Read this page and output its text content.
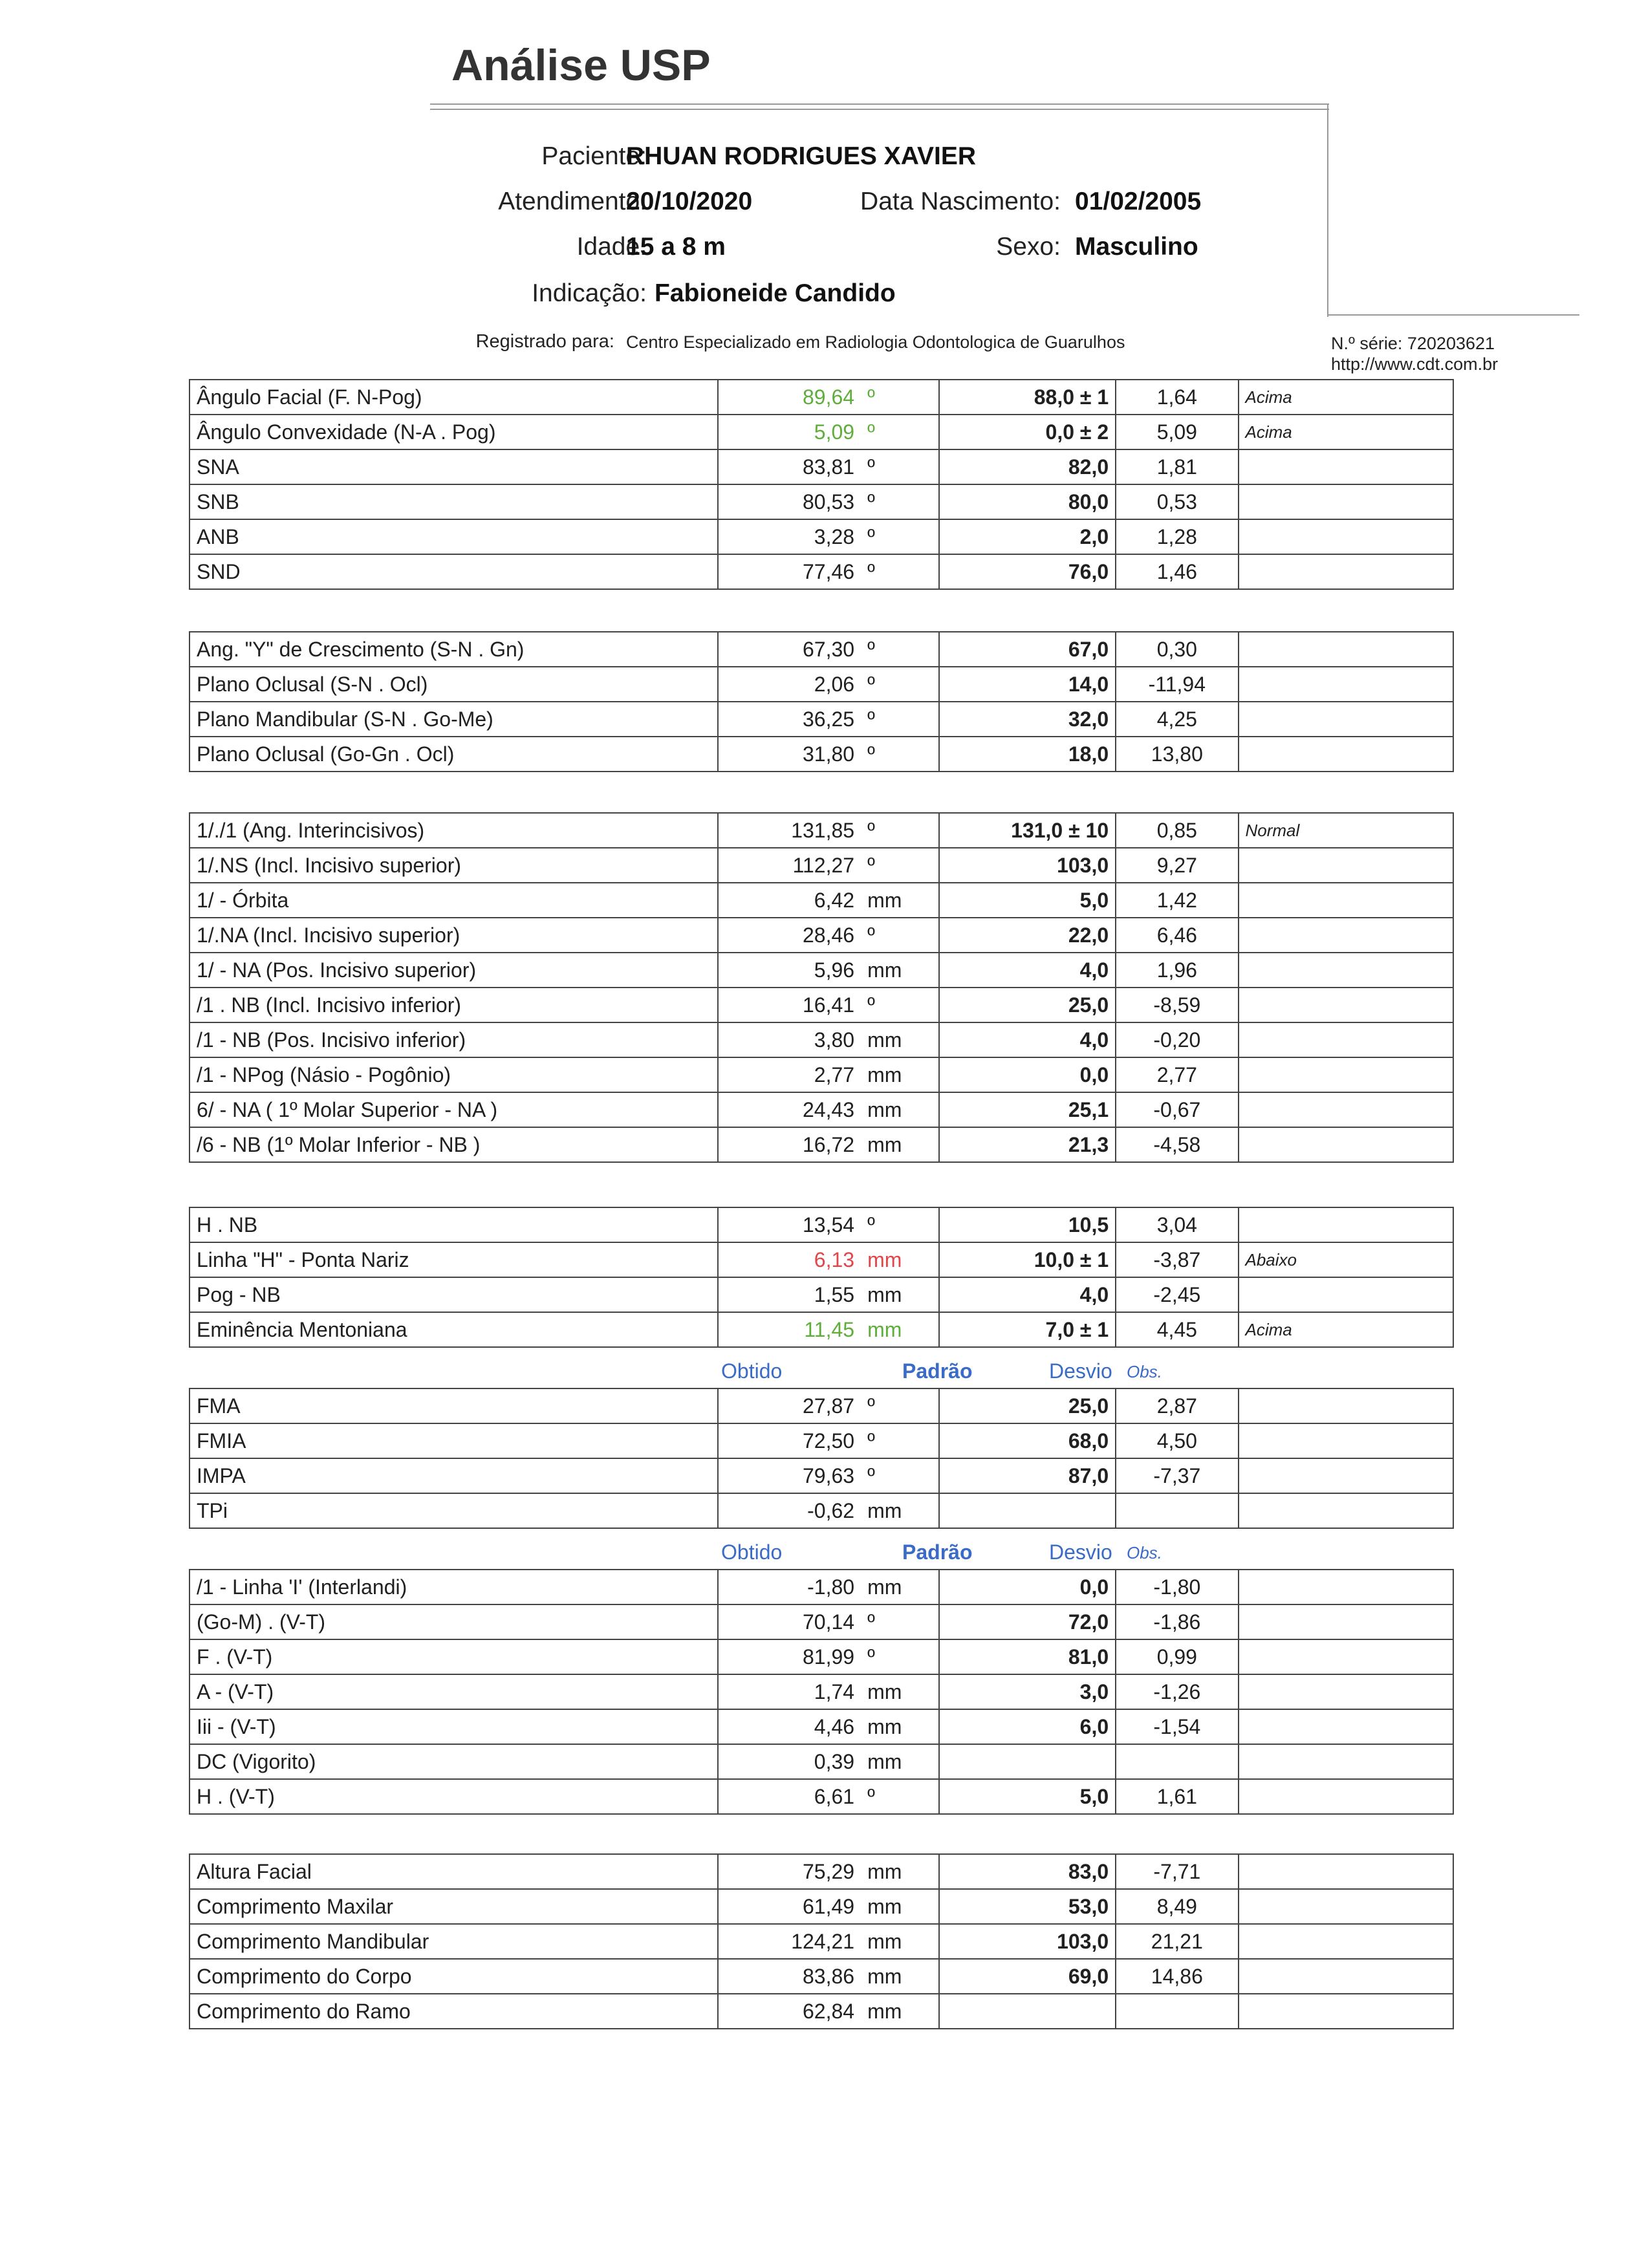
Análise USP
Paciente:
RHUAN RODRIGUES XAVIER
Atendimento:
20/10/2020	Data Nascimento: 01/02/2005
Idade:
15 a 8 m	Sexo: Masculino
Indicação: Fabioneide Candido
Registrado para: Centro Especializado em Radiologia Odontologica de Guarulhos	N.º série: 720203621
http://www.cdt.com.br
Ângulo Facial (F. N-Pog)	89,64	º	88,0 ± 1	1,64	Acima
Ângulo Convexidade (N-A . Pog)	5,09	º	0,0 ± 2	5,09	Acima
SNA	83,81	º	82,0	1,81	
SNB	80,53	º	80,0	0,53	
ANB	3,28	º	2,0	1,28	
SND	77,46	º	76,0	1,46	
Ang. "Y" de Crescimento (S-N . Gn)	67,30	º	67,0	0,30	
Plano Oclusal (S-N . Ocl)	2,06	º	14,0	-11,94	
Plano Mandibular (S-N . Go-Me)	36,25	º	32,0	4,25	
Plano Oclusal (Go-Gn . Ocl)	31,80	º	18,0	13,80	
1/./1 (Ang. Interincisivos)	131,85	º	131,0 ± 10	0,85	Normal
1/.NS (Incl. Incisivo superior)	112,27	º	103,0	9,27	
1/ - Órbita	6,42	mm	5,0	1,42	
1/.NA (Incl. Incisivo superior)	28,46	º	22,0	6,46	
1/ - NA (Pos. Incisivo superior)	5,96	mm	4,0	1,96	
/1 . NB (Incl. Incisivo inferior)	16,41	º	25,0	-8,59	
/1 - NB (Pos. Incisivo inferior)	3,80	mm	4,0	-0,20	
/1 - NPog (Násio - Pogônio)	2,77	mm	0,0	2,77	
6/ - NA ( 1º Molar Superior - NA )	24,43	mm	25,1	-0,67	
/6 - NB (1º Molar Inferior - NB )	16,72	mm	21,3	-4,58	
H . NB	13,54	º	10,5	3,04	
Linha "H" - Ponta Nariz	6,13	mm	10,0 ± 1	-3,87	Abaixo
Pog - NB	1,55	mm	4,0	-2,45	
Eminência Mentoniana	11,45	mm	7,0 ± 1	4,45	Acima
FMA	27,87	º	25,0	2,87	
FMIA	72,50	º	68,0	4,50	
IMPA	79,63	º	87,0	-7,37	
TPi	-0,62	mm			
/1 - Linha 'I' (Interlandi)	-1,80	mm	0,0	-1,80	
(Go-M) . (V-T)	70,14	º	72,0	-1,86	
F . (V-T)	81,99	º	81,0	0,99	
A - (V-T)	1,74	mm	3,0	-1,26	
Iii - (V-T)	4,46	mm	6,0	-1,54	
DC (Vigorito)	0,39	mm			
H . (V-T)	6,61	º	5,0	1,61	
Altura Facial	75,29	mm	83,0	-7,71	
Comprimento Maxilar	61,49	mm	53,0	8,49	
Comprimento Mandibular	124,21	mm	103,0	21,21	
Comprimento do Corpo	83,86	mm	69,0	14,86	
Comprimento do Ramo	62,84	mm			
Obtido	Padrão	Desvio Obs.
Obtido	Padrão	Desvio Obs.
